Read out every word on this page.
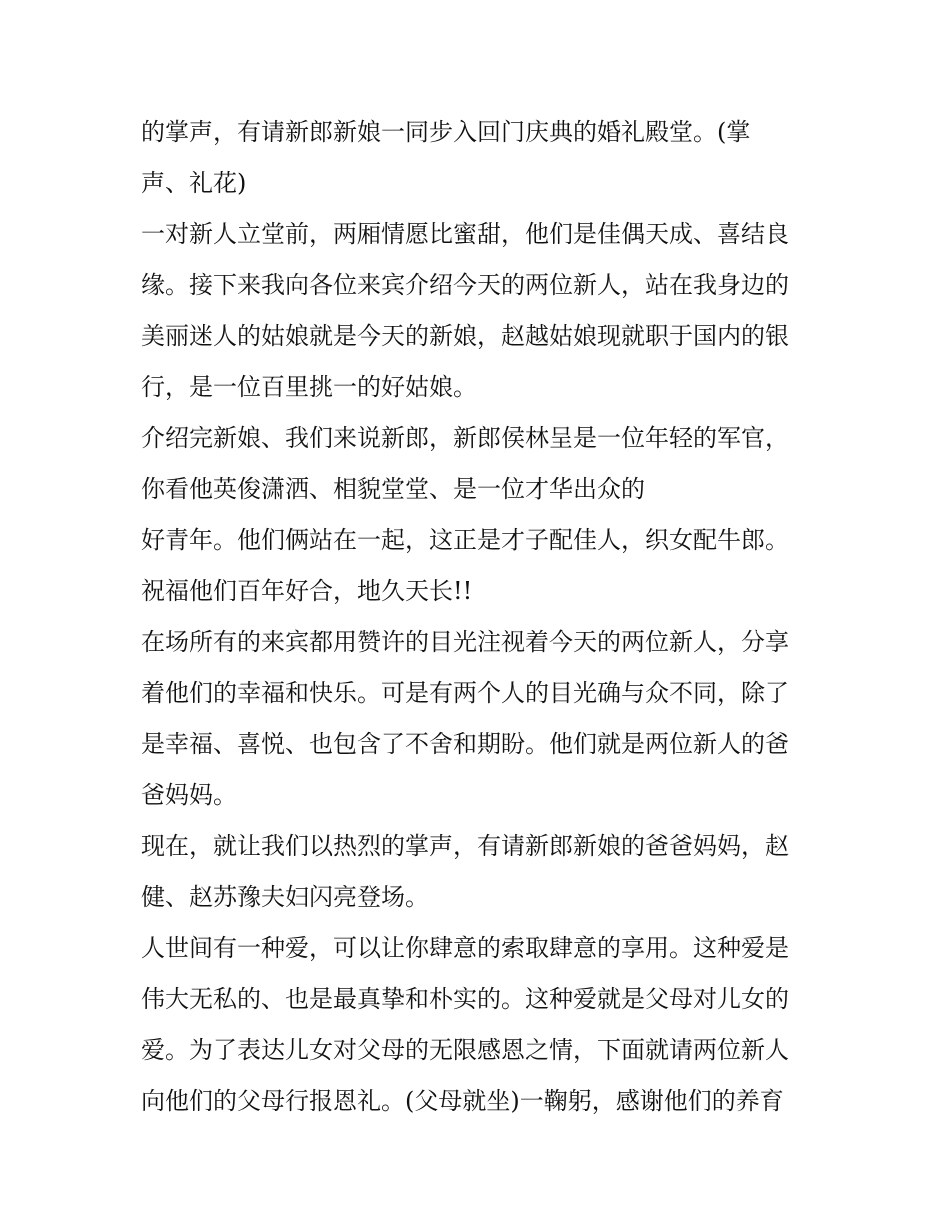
的掌声，有请新郎新娘一同步入回门庆典的婚礼殿堂。(掌
声、礼花)
一对新人立堂前，两厢情愿比蜜甜，他们是佳偶天成、喜结良
缘。接下来我向各位来宾介绍今天的两位新人，站在我身边的
美丽迷人的姑娘就是今天的新娘，赵越姑娘现就职于国内的银
行，是一位百里挑一的好姑娘。
介绍完新娘、我们来说新郎，新郎侯林呈是一位年轻的军官，
你看他英俊潇洒、相貌堂堂、是一位才华出众的
好青年。他们俩站在一起，这正是才子配佳人，织女配牛郎。
祝福他们百年好合，地久天长!!
在场所有的来宾都用赞许的目光注视着今天的两位新人，分享
着他们的幸福和快乐。可是有两个人的目光确与众不同，除了
是幸福、喜悦、也包含了不舍和期盼。他们就是两位新人的爸
爸妈妈。
现在，就让我们以热烈的掌声，有请新郎新娘的爸爸妈妈，赵
健、赵苏豫夫妇闪亮登场。
人世间有一种爱，可以让你肆意的索取肆意的享用。这种爱是
伟大无私的、也是最真挚和朴实的。这种爱就是父母对儿女的
爱。为了表达儿女对父母的无限感恩之情，下面就请两位新人
向他们的父母行报恩礼。(父母就坐)一鞠躬，感谢他们的养育
